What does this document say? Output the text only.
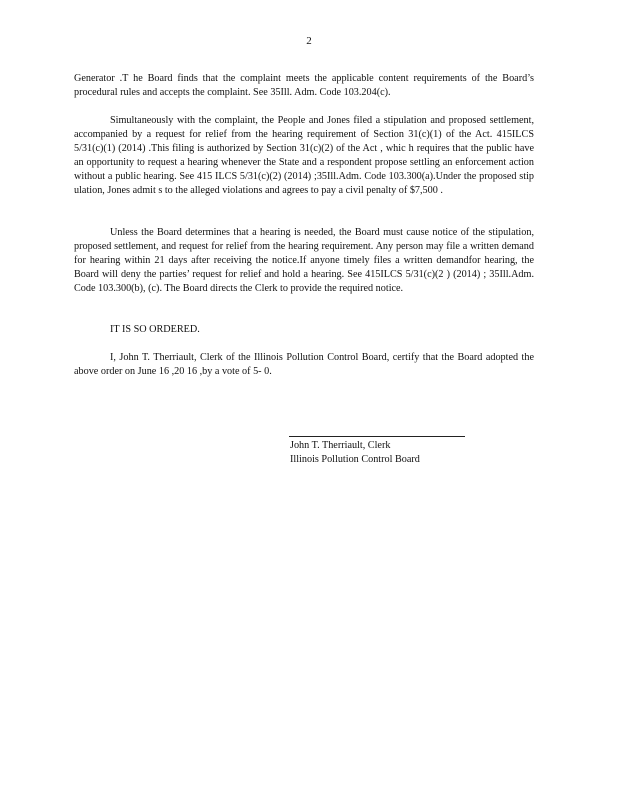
2

Generator .T he Board finds that the complaint meets the applicable content requirements of the Board’s procedural rules and accepts the complaint. See 35Ill. Adm. Code 103.204(c).

Simultaneously with the complaint, the People and Jones filed a stipulation and proposed settlement, accompanied by a request for relief from the hearing requirement of Section 31(c)(1) of the Act. 415ILCS 5/31(c)(1) (2014) .This filing is authorized by Section 31(c)(2) of the Act , whic h requires that the public have an opportunity to request a hearing whenever the State and a respondent propose settling an enforcement action without a public hearing. See 415 ILCS 5/31(c)(2) (2014) ;35Ill.Adm. Code 103.300(a).Under the proposed stip ulation, Jones admit s to the alleged violations and agrees to pay a civil penalty of $7,500 .

Unless the Board determines that a hearing is needed, the Board must cause notice of the stipulation, proposed settlement, and request for relief from the hearing requirement. Any person may file a written demand for hearing within 21 days after receiving the notice.If anyone timely files a written demandfor hearing, the Board will deny the parties’ request for relief and hold a hearing. See 415ILCS 5/31(c)(2 ) (2014) ; 35Ill.Adm. Code 103.300(b), (c). The Board directs the Clerk to provide the required notice.

IT IS SO ORDERED.

I, John T. Therriault, Clerk of the Illinois Pollution Control Board, certify that the Board adopted the above order on June 16 ,20 16 ,by a vote of 5- 0.

John T. Therriault, Clerk
Illinois Pollution Control Board
